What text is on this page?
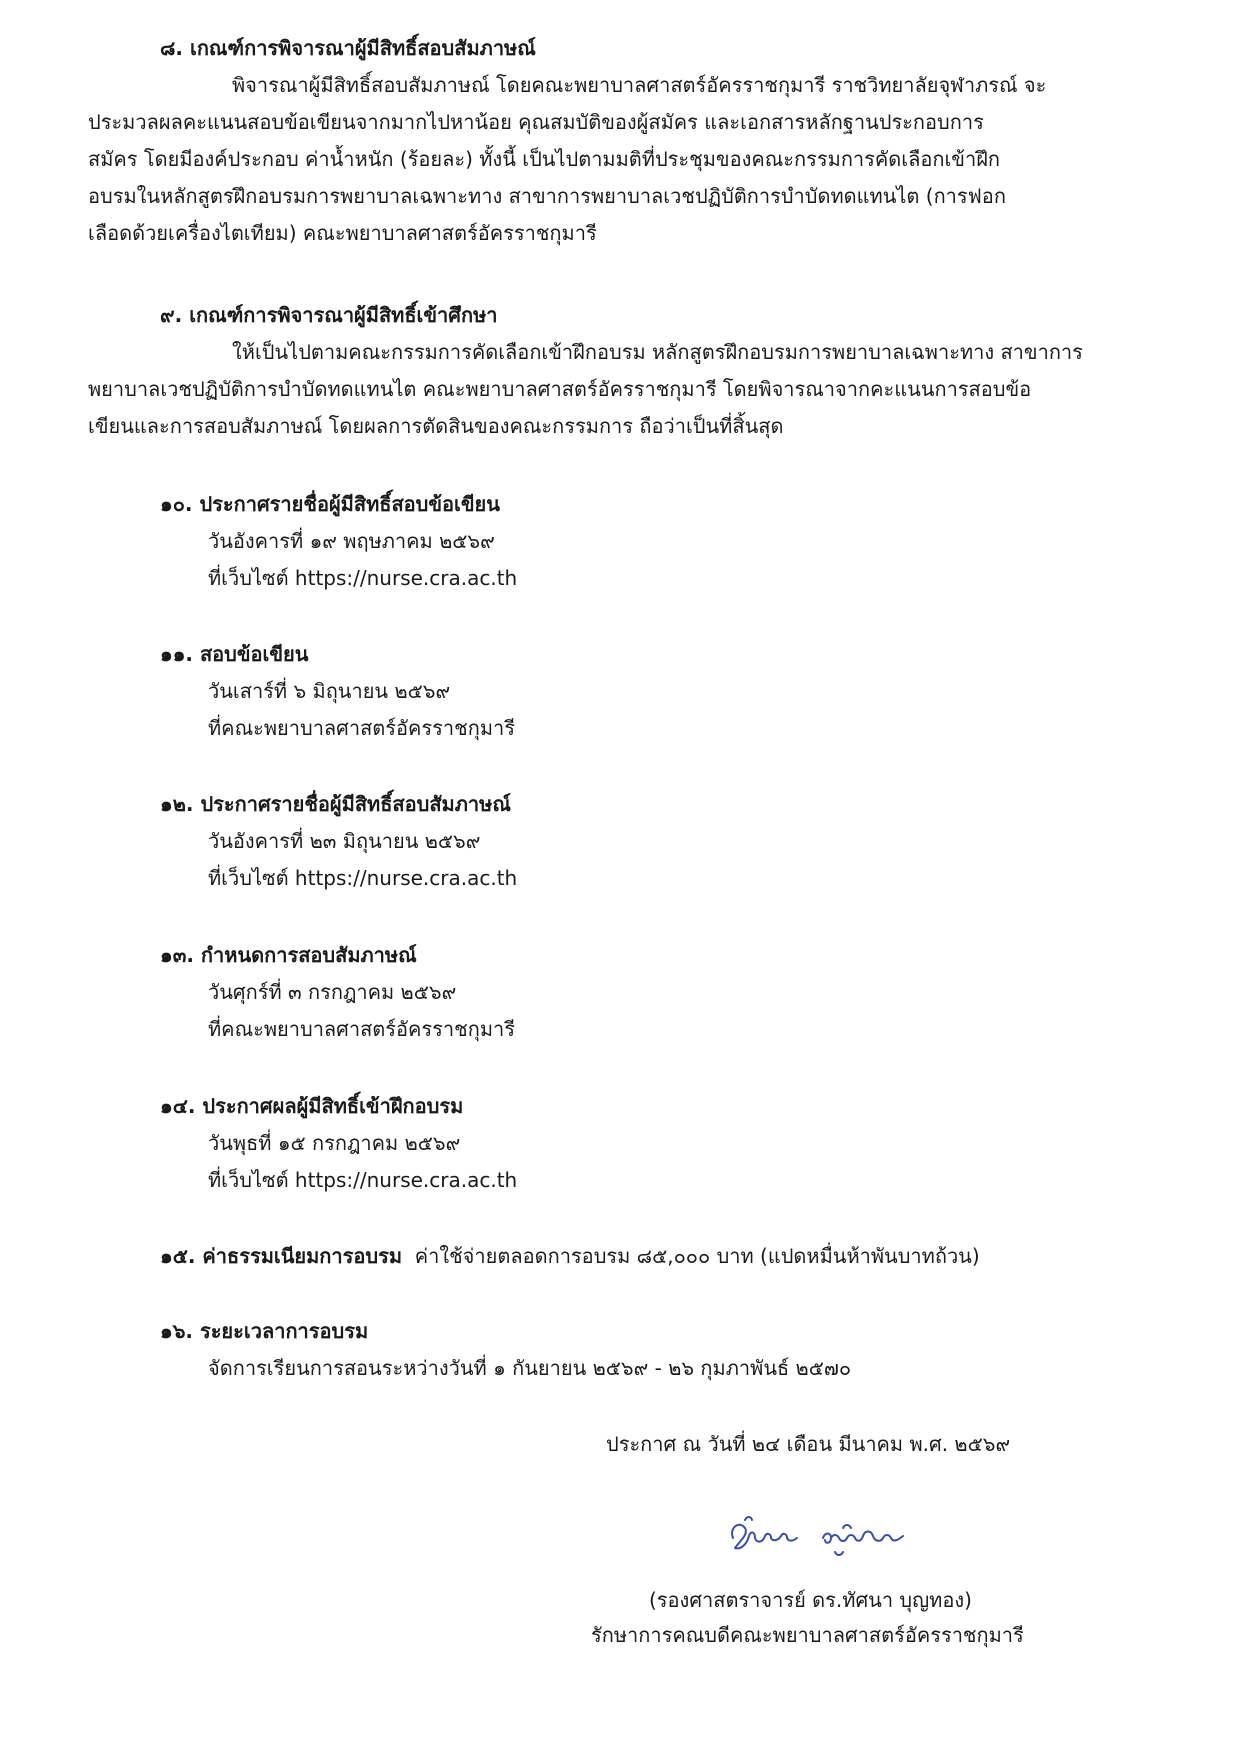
๘. เกณฑ์การพิจารณาผู้มีสิทธิ์สอบสัมภาษณ์

พิจารณาผู้มีสิทธิ์สอบสัมภาษณ์ โดยคณะพยาบาลศาสตร์อัครราชกุมารี ราชวิทยาลัยจุฬาภรณ์ จะ
ประมวลผลคะแนนสอบข้อเขียนจากมากไปหาน้อย คุณสมบัติของผู้สมัคร และเอกสารหลักฐานประกอบการ
สมัคร โดยมีองค์ประกอบ ค่าน้ำหนัก (ร้อยละ) ทั้งนี้ เป็นไปตามมติที่ประชุมของคณะกรรมการคัดเลือกเข้าฝึก
อบรมในหลักสูตรฝึกอบรมการพยาบาลเฉพาะทาง สาขาการพยาบาลเวชปฏิบัติการบำบัดทดแทนไต (การฟอก
เลือดด้วยเครื่องไตเทียม) คณะพยาบาลศาสตร์อัครราชกุมารี

๙. เกณฑ์การพิจารณาผู้มีสิทธิ์เข้าศึกษา

ให้เป็นไปตามคณะกรรมการคัดเลือกเข้าฝึกอบรม หลักสูตรฝึกอบรมการพยาบาลเฉพาะทาง สาขาการ
พยาบาลเวชปฏิบัติการบำบัดทดแทนไต คณะพยาบาลศาสตร์อัครราชกุมารี โดยพิจารณาจากคะแนนการสอบข้อ
เขียนและการสอบสัมภาษณ์ โดยผลการตัดสินของคณะกรรมการ ถือว่าเป็นที่สิ้นสุด

๑๐. ประกาศรายชื่อผู้มีสิทธิ์สอบข้อเขียน

วันอังคารที่ ๑๙ พฤษภาคม ๒๕๖๙

ที่เว็บไซต์ https://nurse.cra.ac.th

๑๑. สอบข้อเขียน

วันเสาร์ที่ ๖ มิถุนายน ๒๕๖๙

ที่คณะพยาบาลศาสตร์อัครราชกุมารี

๑๒. ประกาศรายชื่อผู้มีสิทธิ์สอบสัมภาษณ์

วันอังคารที่ ๒๓ มิถุนายน ๒๕๖๙

ที่เว็บไซต์ https://nurse.cra.ac.th

๑๓. กำหนดการสอบสัมภาษณ์

วันศุกร์ที่ ๓ กรกฎาคม ๒๕๖๙

ที่คณะพยาบาลศาสตร์อัครราชกุมารี

๑๔. ประกาศผลผู้มีสิทธิ์เข้าฝึกอบรม

วันพุธที่ ๑๕ กรกฎาคม ๒๕๖๙

ที่เว็บไซต์ https://nurse.cra.ac.th

๑๕. ค่าธรรมเนียมการอบรม ค่าใช้จ่ายตลอดการอบรม ๘๕,๐๐๐ บาท (แปดหมื่นห้าพันบาทถ้วน)

๑๖. ระยะเวลาการอบรม

จัดการเรียนการสอนระหว่างวันที่ ๑ กันยายน ๒๕๖๙ - ๒๖ กุมภาพันธ์ ๒๕๗๐

ประกาศ ณ วันที่ ๒๔ เดือน มีนาคม พ.ศ. ๒๕๖๙
(รองศาสตราจารย์ ดร.ทัศนา บุญทอง)
รักษาการคณบดีคณะพยาบาลศาสตร์อัครราชกุมารี
